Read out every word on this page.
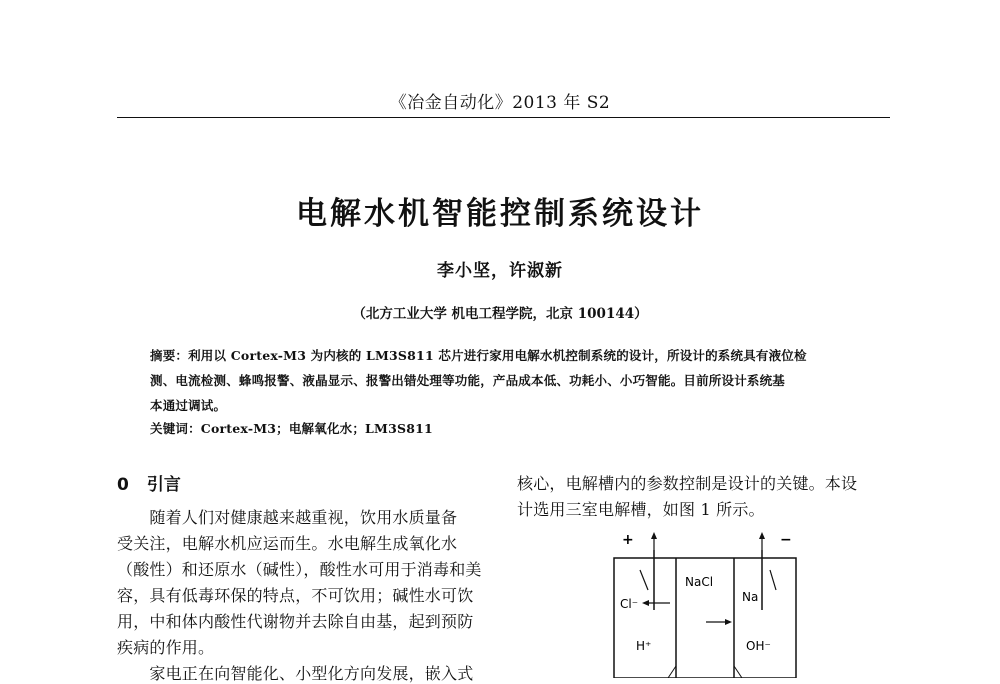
《冶金自动化》2013 年 S2
电解水机智能控制系统设计
李小坚，许淑新
（北方工业大学 机电工程学院，北京 100144）
摘要：利用以 Cortex-M3 为内核的 LM3S811 芯片进行家用电解水机控制系统的设计，所设计的系统具有液位检
测、电流检测、蜂鸣报警、液晶显示、报警出错处理等功能，产品成本低、功耗小、小巧智能。目前所设计系统基
本通过调试。
关键词：Cortex-M3；电解氧化水；LM3S811
0 引言
　　随着人们对健康越来越重视，饮用水质量备
受关注，电解水机应运而生。水电解生成氧化水
（酸性）和还原水（碱性），酸性水可用于消毒和美
容，具有低毒环保的特点，不可饮用；碱性水可饮
用，中和体内酸性代谢物并去除自由基，起到预防
疾病的作用。
　　家电正在向智能化、小型化方向发展，嵌入式
核心，电解槽内的参数控制是设计的关键。本设
计选用三室电解槽，如图 1 所示。
+	−
NaCl
Cl⁻	Na
H⁺	OH⁻
